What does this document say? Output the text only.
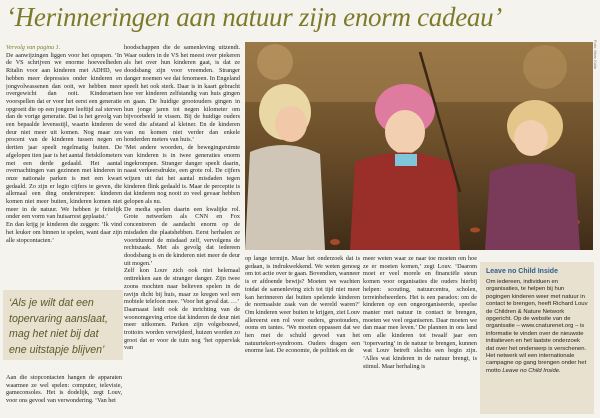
‘Herinneringen aan natuur zijn enorm cadeau’
Foto: Marc Kolle

Vervolg van pagina 1.

De aanwijzingen liggen voor het oprapen. ‘In de VS schrijven we enorme hoeveelheden Ritalin voor aan kinderen met ADHD, we hebben meer depressies onder kinderen en jongvolwassenen dan ooit, we hebben meer overgewicht dan ooit. Kinderartsen voorspellen dat er voor het eerst een generatie opgroeit die op een jongere leeftijd zal sterven dan de vorige generatie. Dat is het gevolg van een bepaalde levensstijl, waarin kinderen de deur niet meer uit komen. Nog maar zes procent van de kinderen tussen negen en dertien jaar speelt regelmatig buiten. De afgelopen tien jaar is het aantal fietskilometers met een derde gedaald. Het aantal overnachtingen van gezinnen met kinderen in onze nationale parken is met een kwart gedaald. Zo zijn er legio cijfers te geven, die allemaal een ding onderstrepen: kinderen komen niet meer buiten, kinderen komen niet meer in de natuur. We hebben je feitelijk onder een vorm van huisarrest geplaatst.’

En dan krijg je kinderen die zeggen: ‘Ik vind het leuker om binnen te spelen, want daar zijn alle stopcontacten.’

‘Als je wilt dat een topervaring aanslaat, mag het niet bij dat ene uitstapje blijven’

Aan die stopcontacten hangen de apparaten waarmee ze wel spelen: computer, televisie, gameconsoles. Het is dodelijk, zegt Louv, voor ons gevoel van verwondering. ‘Van het

hoodschappen die de samenleving uitzendt. Waar ouders in de VS het meest over piekeren als het over hun kinderen gaat, is dat ze doodsbang zijn voor vreemden. Stranger danger noemen we dat fenomeen. In Engeland speelt het ook sterk. Daar is in kaart gebracht hoe ver kinderen zelfstandig van huis gingen en gaan. De huidige grootouders gingen in hun jonge jaren tot negen kilometer om bijvoorbeeld te vissen. Bij de huidige ouders werd die afstand al kleiner. En de kinderen van nu komen niet verder dan enkele honderden meters van huis.’

‘Met andere woorden, de bewegingsruimte van kinderen is in twee generaties enorm ingekrompen. Stranger danger speelt daarin, naast verkeersdrukte, een grote rol. De cijfers wijzen uit dat het aantal misdaden tegen kinderen flink gedaald is. Maar de perceptie is dat kinderen nog nooit zo veel gevaar hebben gelopen als nu.

De media spelen daarin een kwalijke rol. Grote netwerken als CNN en Fox concentreren de aandacht enorm op de misdaden die plaatshebben. Eerst herhalen ze voortdurend de misdaad zelf, vervolgens de rechtszaak. Met als gevolg dat iedereen doodsbang is en de kinderen niet meer de deur uit mogen.’

Zelf kon Louv zich ook niet helemaal onttrekken aan de stranger danger. Zijn twee zoons mochten naar believen spelen in de ravijn dicht bij huis, maar ze kregen wel een mobiele telefoon mee. ‘Voor het geval dat. …’

Daarnaast leidt ook de inrichting van de woonomgeving ertoe dat kinderen de deur niet meer uitkomen. Parken zijn volgebouwd, trottoirs worden verwijderd, huizen worden zo groot dat er voor de tuin nog ‘het oppervlak van

op lange termijn. Maar het onderzoek dat is gedaan, is indrukwekkend. We weten genoeg om tot actie over te gaan. Bovendien, wanneer is er afdoende bewijs? Moeten we wachten totdat de samenleving zich tot tijd niet meer kan herinneren dat buiten spelende kinderen de normaalste zaak van de wereld waren?’ Om kinderen weer buiten te krijgen, ziet Louv allereerst een rol voor ouders, grootouders, ooms en tantes. ‘We moeten oppassen dat we hen met de schuld gevoel van het natuurtekort-syndroom. Ouders dragen een enorme last. De economie, de politiek en de

meer weten waar ze naar toe moeten om hoe ze er moeten komen,’ zegt Louv. ‘Daarom moet er veel morele en financiële steun komen voor organisaties die ouders hierbij helpen: scouting, natuurcentra, scholen, terreinbeheerders. Het is een paradox: om de kinderen op een ongeorganiseerde, speelse manier met natuur in contact te brengen, moeten we veel organiseren. Daar moeten we dan maar mee leven.’ De plannen in ons land om alle kinderen tot twaalf jaar een ‘topervaring’ in de natuur te brengen, kunnen wat Louv betreft slechts een begin zijn. ‘Alles wat kinderen in de natuur brengt, is stimul. Maar herhaling is

Leave no Child Inside

Om iedereen, individuen en organisaties, te helpen bij hun pogingen kinderen weer met natuur in contact te brengen, heeft Richard Louv de Children & Nature Network opgericht. Op de website van de organisatie – www.cnaturenet.org – is informatie te vinden over de nieuwste initiatieven en het laatste onderzoek dat over het onderwerp is verschenen. Het netwerk wil een internationale campagne op gang brengen onder het motto Leave no Child Inside.
